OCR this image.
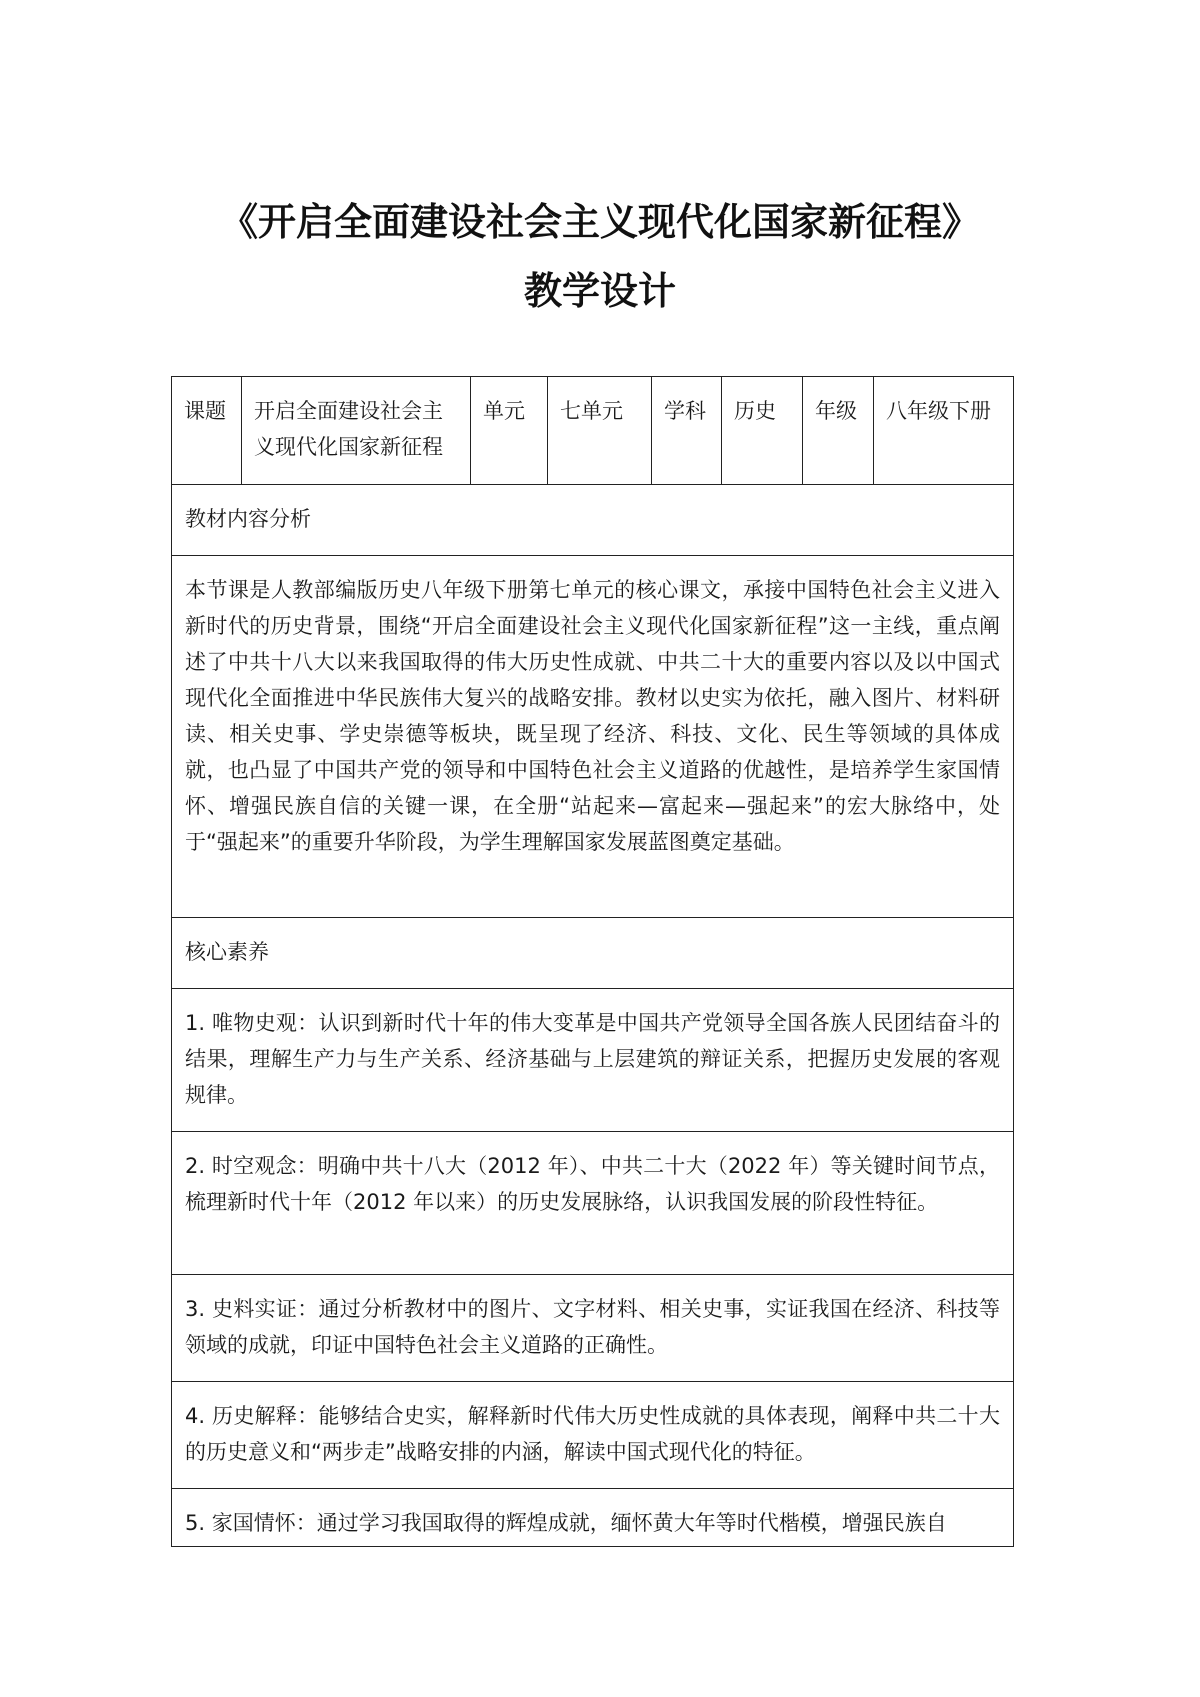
《开启全面建设社会主义现代化国家新征程》
教学设计
课题	开启全面建设社会主义现代化国家新征程	单元	七单元	学科	历史	年级	八年级下册
教材内容分析
本节课是人教部编版历史八年级下册第七单元的核心课文，承接中国特色社会主义进入新时代的历史背景，围绕“开启全面建设社会主义现代化国家新征程”这一主线，重点阐述了中共十八大以来我国取得的伟大历史性成就、中共二十大的重要内容以及以中国式现代化全面推进中华民族伟大复兴的战略安排。教材以史实为依托，融入图片、材料研读、相关史事、学史崇德等板块，既呈现了经济、科技、文化、民生等领域的具体成就，也凸显了中国共产党的领导和中国特色社会主义道路的优越性，是培养学生家国情怀、增强民族自信的关键一课，在全册“站起来—富起来—强起来”的宏大脉络中，处于“强起来”的重要升华阶段，为学生理解国家发展蓝图奠定基础。
核心素养
1. 唯物史观：认识到新时代十年的伟大变革是中国共产党领导全国各族人民团结奋斗的结果，理解生产力与生产关系、经济基础与上层建筑的辩证关系，把握历史发展的客观规律。
2. 时空观念：明确中共十八大（2012 年）、中共二十大（2022 年）等关键时间节点，梳理新时代十年（2012 年以来）的历史发展脉络，认识我国发展的阶段性特征。
3. 史料实证：通过分析教材中的图片、文字材料、相关史事，实证我国在经济、科技等领域的成就，印证中国特色社会主义道路的正确性。
4. 历史解释：能够结合史实，解释新时代伟大历史性成就的具体表现，阐释中共二十大的历史意义和“两步走”战略安排的内涵，解读中国式现代化的特征。
5. 家国情怀：通过学习我国取得的辉煌成就，缅怀黄大年等时代楷模，增强民族自
